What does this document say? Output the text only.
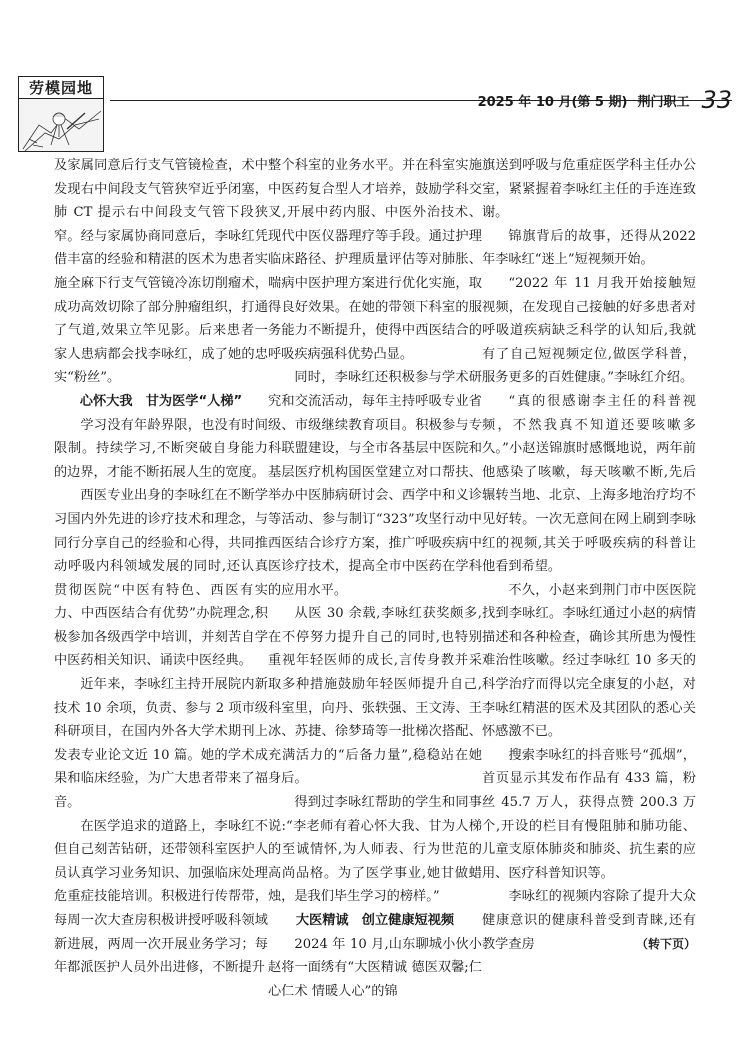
劳模园地
2025 年 10 月(第 5 期) 荆门职工 33

及家属同意后行支气管镜检查，术中发现右中间段支气管狭窄近乎闭塞，肺 CT 提示右中间段支气管下段狭窄。经与家属协商同意后，李咏红凭借丰富的经验和精湛的医术为患者实施全麻下行支气管镜冷冻切削瘤术，成功高效切除了部分肿瘤组织，打通了气道,效果立竿见影。后来患者一家人患病都会找李咏红，成了她的忠实“粉丝”。

心怀大我　甘为医学“人梯”

学习没有年龄界限，也没有时间限制。持续学习,不断突破自身能力的边界，才能不断拓展人生的宽度。

西医专业出身的李咏红在不断学习国内外先进的诊疗技术和理念，与同行分享自己的经验和心得，共同推动呼吸内科领域发展的同时,还认真贯彻医院“中医有特色、西医有实力、中西医结合有优势”办院理念,积极参加各级西学中培训，并刻苦自学中医药相关知识、诵读中医经典。

近年来，李咏红主持开展院内新技术 10 余项，负责、参与 2 项市级科研项目，在国内外各大学术期刊上发表专业论文近 10 篇。她的学术成果和临床经验，为广大患者带来了福音。

在医学追求的道路上，李咏红不但自己刻苦钻研，还带领科室医护人员认真学习业务知识、加强临床处理危重症技能培训。积极进行传帮带，每周一次大查房积极讲授呼吸科领域新进展，两周一次开展业务学习；每年都派医护人员外出进修，不断提升

整个科室的业务水平。并在科室实施中医药复合型人才培养，鼓励学科交叉,开展中药内服、中医外治技术、现代中医仪器理疗等手段。通过护理临床路径、护理质量评估等对肺胀、喘病中医护理方案进行优化实施，取得良好效果。在她的带领下科室的服务能力不断提升，使得中西医结合的呼吸疾病强科优势凸显。

同时，李咏红还积极参与学术研究和交流活动，每年主持呼吸专业省级、市级继续教育项目。积极参与专科联盟建设，与全市各基层中医院和基层医疗机构国医堂建立对口帮扶、举办中医肺病研讨会、西学中和义诊等活动、参与制订“323”攻坚行动中西医结合诊疗方案，推广呼吸疾病中医诊疗技术，提高全市中医药在学科的应用水平。

从医 30 余载,李咏红获奖颇多,在不停努力提升自己的同时,也特别重视年轻医师的成长,言传身教并采取多种措施鼓励年轻医师提升自己,科室里，向丹、张轶强、王文涛、王冰、苏捷、徐梦琦等一批梯次搭配、充满活力的“后备力量”,稳稳站在她身后。

得到过李咏红帮助的学生和同事说:“李老师有着心怀大我、甘为人梯的至诚情怀,为人师表、行为世范的高尚品格。为了医学事业,她甘做蜡烛，是我们毕生学习的榜样。”

大医精诚　创立健康短视频

2024 年 10 月,山东聊城小伙小赵将一面绣有“大医精诚 德医双馨;仁心仁术 情暖人心”的锦

旗送到呼吸与危重症医学科主任办公室，紧紧握着李咏红主任的手连连致谢。

锦旗背后的故事，还得从2022年李咏红“迷上”短视频开始。

“2022 年 11 月我开始接触短视频，在发现自己接触的好多患者对呼吸道疾病缺乏科学的认知后,我就有了自己短视频定位,做医学科普，服务更多的百姓健康。”李咏红介绍。

“真的很感谢李主任的科普视频，不然我真不知道还要咳嗽多久。”小赵送锦旗时感慨地说，两年前他感染了咳嗽，每天咳嗽不断,先后辗转当地、北京、上海多地治疗均不见好转。一次无意间在网上刷到李咏红的视频,其关于呼吸疾病的科普让他看到希望。

不久，小赵来到荆门市中医医院找到李咏红。李咏红通过小赵的病情描述和各种检查，确诊其所患为慢性难治性咳嗽。经过李咏红 10 多天的科学治疗而得以完全康复的小赵，对李咏红精湛的医术及其团队的悉心关怀感激不已。

搜索李咏红的抖音账号“孤烟”，首页显示其发布作品有 433 篇，粉丝 45.7 万人，获得点赞 200.3 万个,开设的栏目有慢阻肺和肺功能、儿童支原体肺炎和肺炎、抗生素的应用、医疗科普知识等。

李咏红的视频内容除了提升大众健康意识的健康科普受到青睐,还有教学查房	（转下页）
